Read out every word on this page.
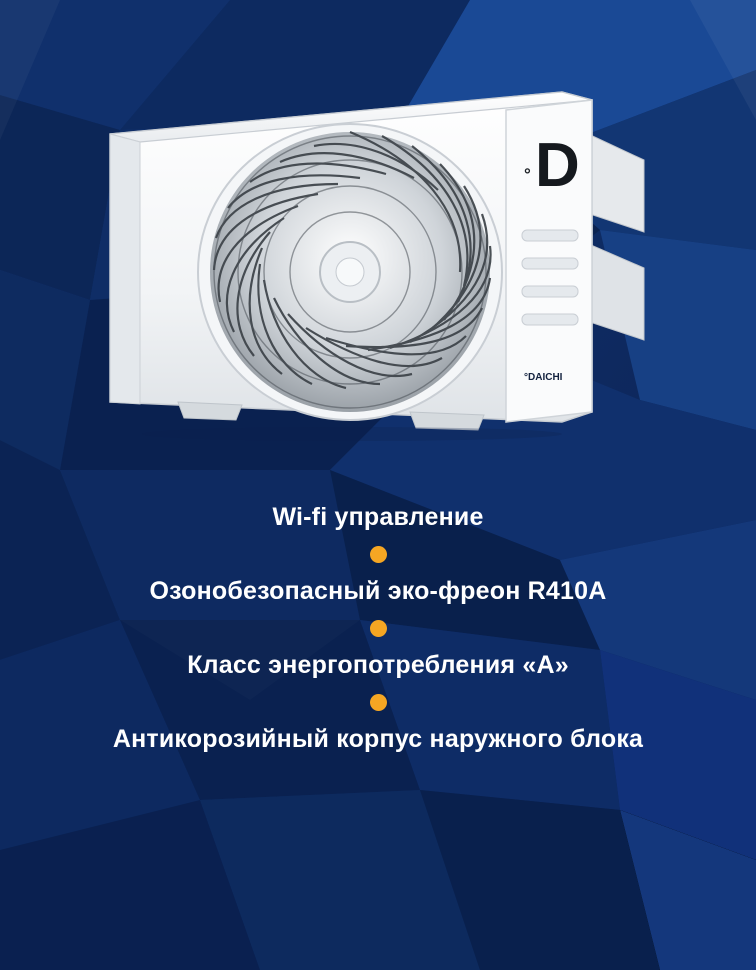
° D
°DAICHI
Wi-fi управление
Озонобезопасный эко-фреон R410A
Класс энергопотребления «А»
Антикорозийный корпус наружного блока
